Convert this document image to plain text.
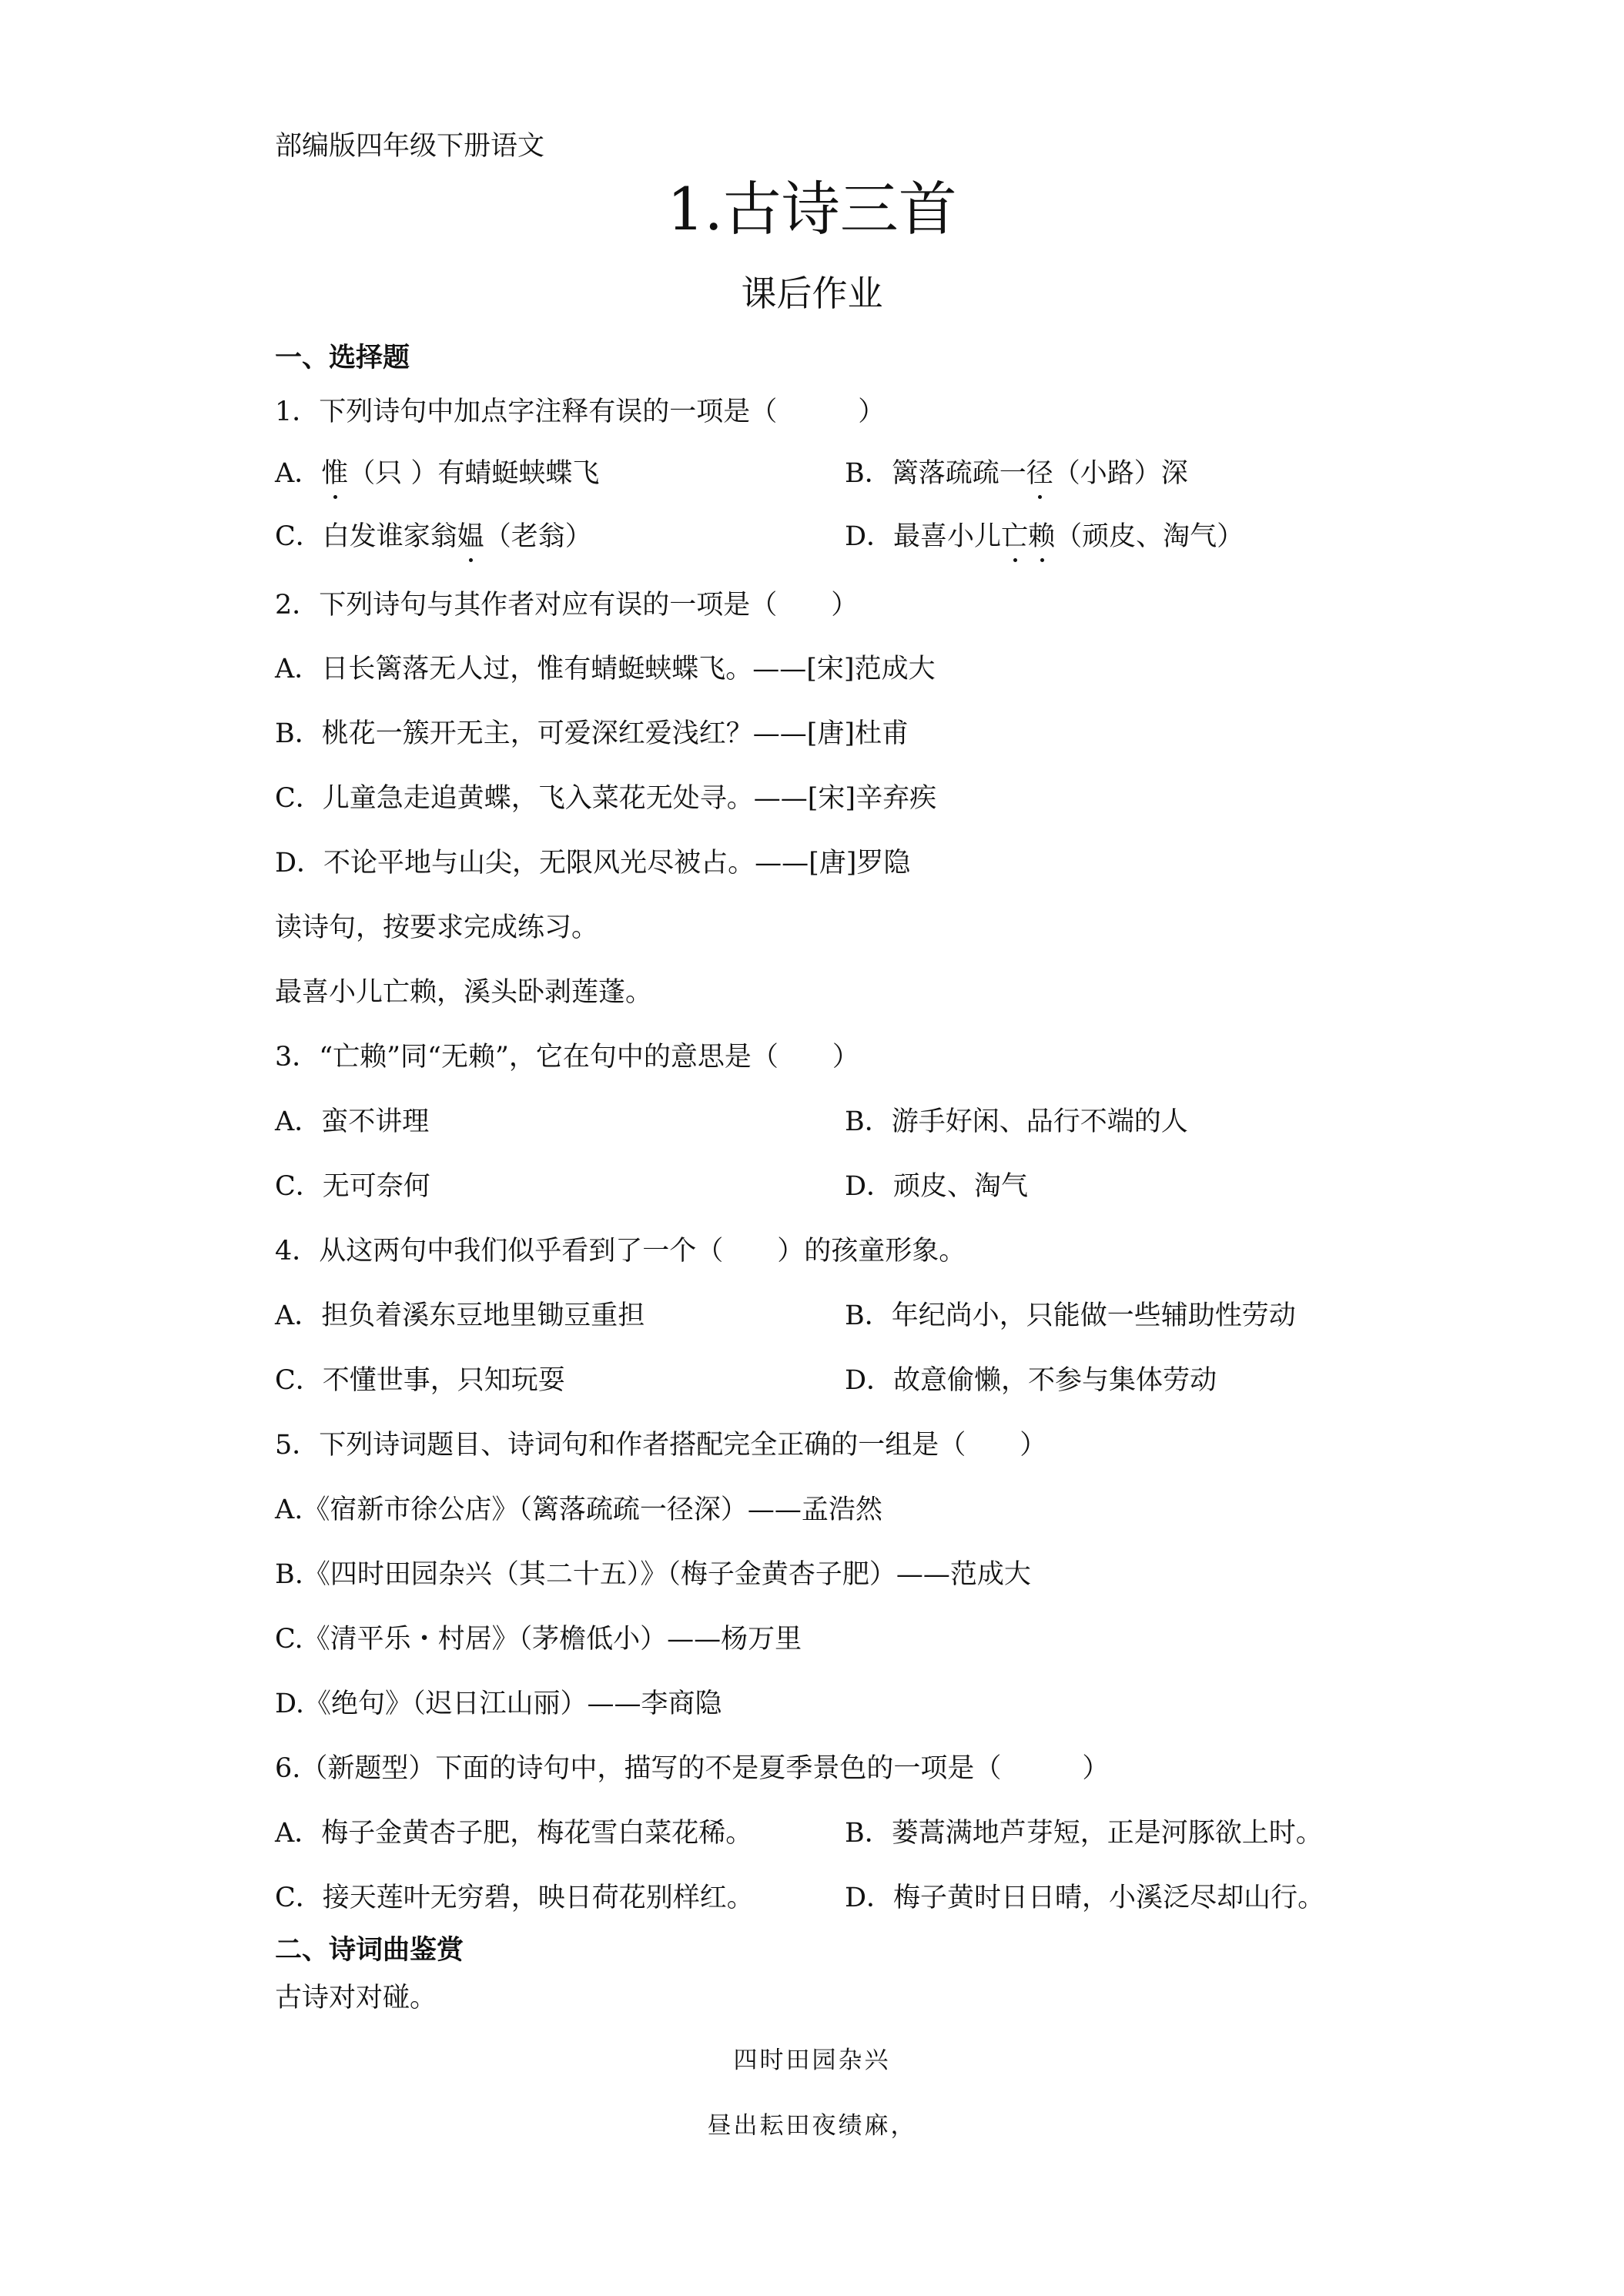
部编版四年级下册语文
1.古诗三首
课后作业
一、选择题
1．下列诗句中加点字注释有误的一项是（　　　）
A．惟（只 ）有蜻蜓蛱蝶飞	B．篱落疏疏一径（小路）深
C．白发谁家翁媪（老翁）	D．最喜小儿亡赖（顽皮、淘气）
2．下列诗句与其作者对应有误的一项是（　　）
A．日长篱落无人过，惟有蜻蜓蛱蝶飞。——[宋]范成大
B．桃花一簇开无主，可爱深红爱浅红？——[唐]杜甫
C．儿童急走追黄蝶，飞入菜花无处寻。——[宋]辛弃疾
D．不论平地与山尖，无限风光尽被占。——[唐]罗隐
读诗句，按要求完成练习。
最喜小儿亡赖，溪头卧剥莲蓬。
3．“亡赖”同“无赖”，它在句中的意思是（　　）
A．蛮不讲理	B．游手好闲、品行不端的人
C．无可奈何	D．顽皮、淘气
4．从这两句中我们似乎看到了一个（　　）的孩童形象。
A．担负着溪东豆地里锄豆重担	B．年纪尚小，只能做一些辅助性劳动
C．不懂世事，只知玩耍	D．故意偷懒，不参与集体劳动
5．下列诗词题目、诗词句和作者搭配完全正确的一组是（　　）
A.《宿新市徐公店》（篱落疏疏一径深）——孟浩然
B.《四时田园杂兴（其二十五）》（梅子金黄杏子肥）——范成大
C.《清平乐・村居》（茅檐低小）——杨万里
D.《绝句》（迟日江山丽）——李商隐
6.（新题型）下面的诗句中，描写的不是夏季景色的一项是（　　　）
A．梅子金黄杏子肥，梅花雪白菜花稀。	B．蒌蒿满地芦芽短，正是河豚欲上时。
C．接天莲叶无穷碧，映日荷花别样红。	D．梅子黄时日日晴，小溪泛尽却山行。
二、诗词曲鉴赏
古诗对对碰。
四时田园杂兴
昼出耘田夜绩麻，
